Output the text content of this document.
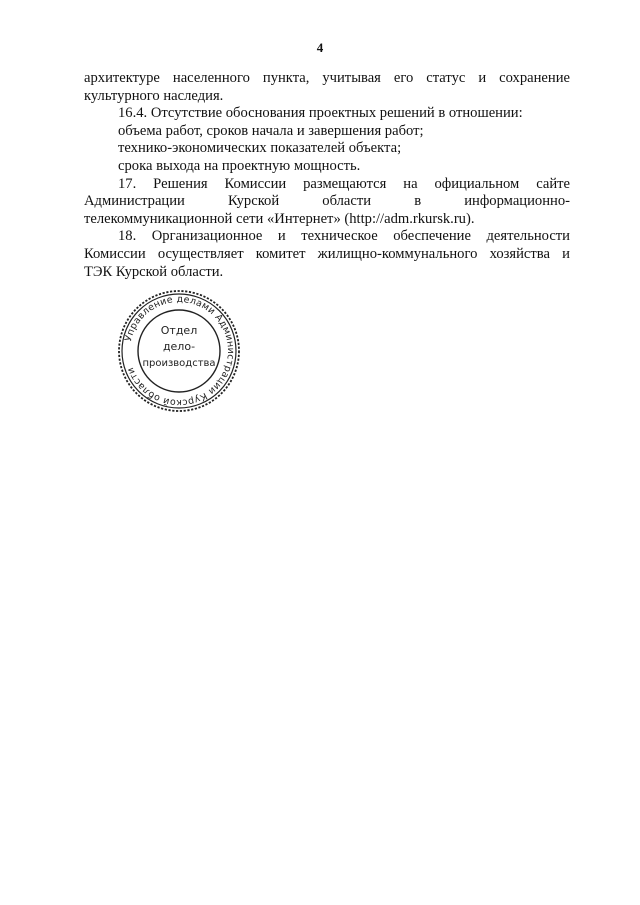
4
архитектуре населенного пункта, учитывая его статус и сохранение
культурного наследия.
16.4. Отсутствие обоснования проектных решений в отношении:
объема работ, сроков начала и завершения работ;
технико-экономических показателей объекта;
срока выхода на проектную мощность.
17. Решения Комиссии размещаются на официальном сайте
Администрации Курской области в информационно-
телекоммуникационной сети «Интернет» (http://adm.rkursk.ru).
18. Организационное и техническое обеспечение деятельности
Комиссии осуществляет комитет жилищно-коммунального хозяйства и
ТЭК Курской области.
Управление делами Администрации Курской области
Отдел
дело-
производства
